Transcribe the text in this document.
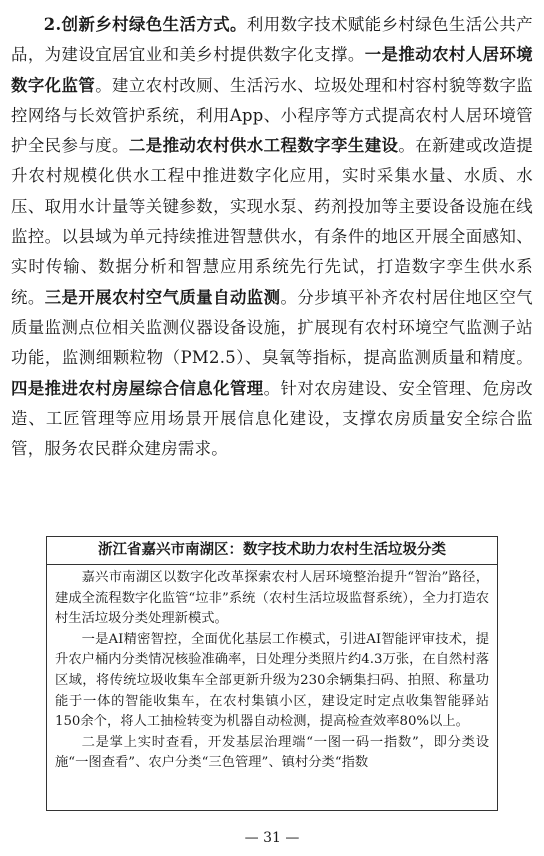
2.创新乡村绿色生活方式。利用数字技术赋能乡村绿色生活公共产品，为建设宜居宜业和美乡村提供数字化支撑。一是推动农村人居环境数字化监管。建立农村改厕、生活污水、垃圾处理和村容村貌等数字监控网络与长效管护系统，利用App、小程序等方式提高农村人居环境管护全民参与度。二是推动农村供水工程数字孪生建设。在新建或改造提升农村规模化供水工程中推进数字化应用，实时采集水量、水质、水压、取用水计量等关键参数，实现水泵、药剂投加等主要设备设施在线监控。以县域为单元持续推进智慧供水，有条件的地区开展全面感知、实时传输、数据分析和智慧应用系统先行先试，打造数字孪生供水系统。三是开展农村空气质量自动监测。分步填平补齐农村居住地区空气质量监测点位相关监测仪器设备设施，扩展现有农村环境空气监测子站功能，监测细颗粒物（PM2.5）、臭氧等指标，提高监测质量和精度。四是推进农村房屋综合信息化管理。针对农房建设、安全管理、危房改造、工匠管理等应用场景开展信息化建设，支撑农房质量安全综合监管，服务农民群众建房需求。

浙江省嘉兴市南湖区：数字技术助力农村生活垃圾分类

嘉兴市南湖区以数字化改革探索农村人居环境整治提升“智治”路径，建成全流程数字化监管“垃非”系统（农村生活垃圾监督系统），全力打造农村生活垃圾分类处理新模式。

一是AI精密智控，全面优化基层工作模式，引进AI智能评审技术，提升农户桶内分类情况核验准确率，日处理分类照片约4.3万张，在自然村落区域，将传统垃圾收集车全部更新升级为230余辆集扫码、拍照、称量功能于一体的智能收集车，在农村集镇小区，建设定时定点收集智能驿站150余个，将人工抽检转变为机器自动检测，提高检查效率80%以上。

二是掌上实时查看，开发基层治理端“一图一码一指数”，即分类设施“一图查看”、农户分类“三色管理”、镇村分类“指数

— 31 —
